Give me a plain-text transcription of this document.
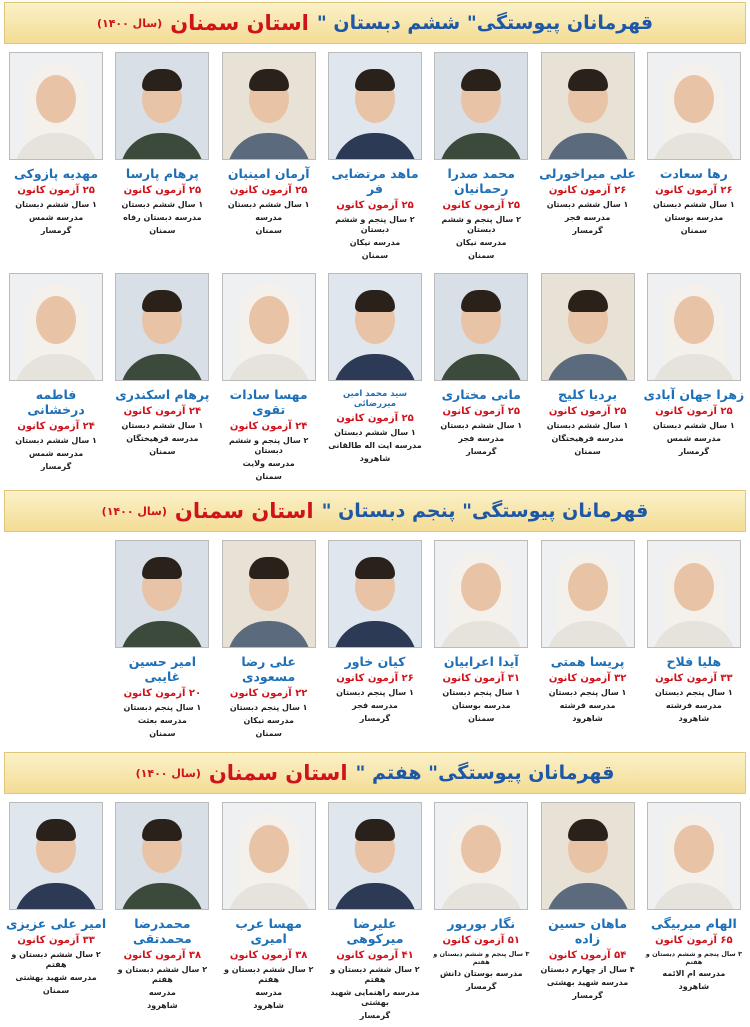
قهرمانان پیوستگی" ششم دبستان "
استان سمنان
(سال ۱۴۰۰)
رها سعادت
۲۶ آزمون کانون
۱ سال ششم دبستان
مدرسه بوستان
سمنان
علی میراخورلی
۲۶ آزمون کانون
۱ سال ششم دبستان
مدرسه فجر
گرمسار
محمد صدرا رحمانیان
۲۵ آزمون کانون
۲ سال پنجم و ششم دبستان
مدرسه نیکان
سمنان
ماهد مرتضایی فر
۲۵ آزمون کانون
۲ سال پنجم و ششم دبستان
مدرسه نیکان
سمنان
آرمان امینیان
۲۵ آزمون کانون
۱ سال ششم دبستان
مدرسه
سمنان
پرهام پارسا
۲۵ آزمون کانون
۱ سال ششم دبستان
مدرسه دبستان رفاه
سمنان
مهدیه پازوکی
۲۵ آزمون کانون
۱ سال ششم دبستان
مدرسه شمس
گرمسار
زهرا جهان آبادی
۲۵ آزمون کانون
۱ سال ششم دبستان
مدرسه شمس
گرمسار
بردیا کلیج
۲۵ آزمون کانون
۱ سال ششم دبستان
مدرسه فرهیختگان
سمنان
مانی مختاری
۲۵ آزمون کانون
۱ سال ششم دبستان
مدرسه فجر
گرمسار
سید محمد امین میررضائی
۲۵ آزمون کانون
۱ سال ششم دبستان
مدرسه ایت اله طالقانی
شاهرود
مهسا سادات تقوی
۲۴ آزمون کانون
۲ سال پنجم و ششم دبستان
مدرسه ولایت
سمنان
پرهام اسکندری
۲۴ آزمون کانون
۱ سال ششم دبستان
مدرسه فرهیختگان
سمنان
فاطمه درخشانی
۲۴ آزمون کانون
۱ سال ششم دبستان
مدرسه شمس
گرمسار
قهرمانان پیوستگی" پنجم دبستان "
استان سمنان
(سال ۱۴۰۰)
هلیا فلاح
۳۳ آزمون کانون
۱ سال پنجم دبستان
مدرسه فرشته
شاهرود
پریسا همتی
۳۲ آزمون کانون
۱ سال پنجم دبستان
مدرسه فرشته
شاهرود
آیدا اعرابیان
۳۱ آزمون کانون
۱ سال پنجم دبستان
مدرسه بوستان
سمنان
کیان خاور
۲۶ آزمون کانون
۱ سال پنجم دبستان
مدرسه فجر
گرمسار
علی رضا مسعودی
۲۲ آزمون کانون
۱ سال پنجم دبستان
مدرسه نیکان
سمنان
امیر حسین غایبی
۲۰ آزمون کانون
۱ سال پنجم دبستان
مدرسه بعثت
سمنان
قهرمانان پیوستگی" هفتم "
استان سمنان
(سال ۱۴۰۰)
الهام میربیگی
۶۵ آزمون کانون
۳ سال پنجم و ششم دبستان و هفتم
مدرسه ام الائمه
شاهرود
ماهان حسین زاده
۵۴ آزمون کانون
۴ سال از چهارم دبستان
مدرسه شهید بهشتی
گرمسار
نگار بوربور
۵۱ آزمون کانون
۳ سال پنجم و ششم دبستان و هفتم
مدرسه بوستان دانش
گرمسار
علیرضا میرکوهی
۴۱ آزمون کانون
۲ سال ششم دبستان و هفتم
مدرسه راهنمایی شهید بهشتی
گرمسار
مهسا عرب امیری
۳۸ آزمون کانون
۲ سال ششم دبستان و هفتم
مدرسه
شاهرود
محمدرضا محمدتقی
۳۸ آزمون کانون
۲ سال ششم دبستان و هفتم
مدرسه
شاهرود
امیر علی عزیزی
۳۳ آزمون کانون
۲ سال ششم دبستان و هفتم
مدرسه شهید بهشتی
سمنان
